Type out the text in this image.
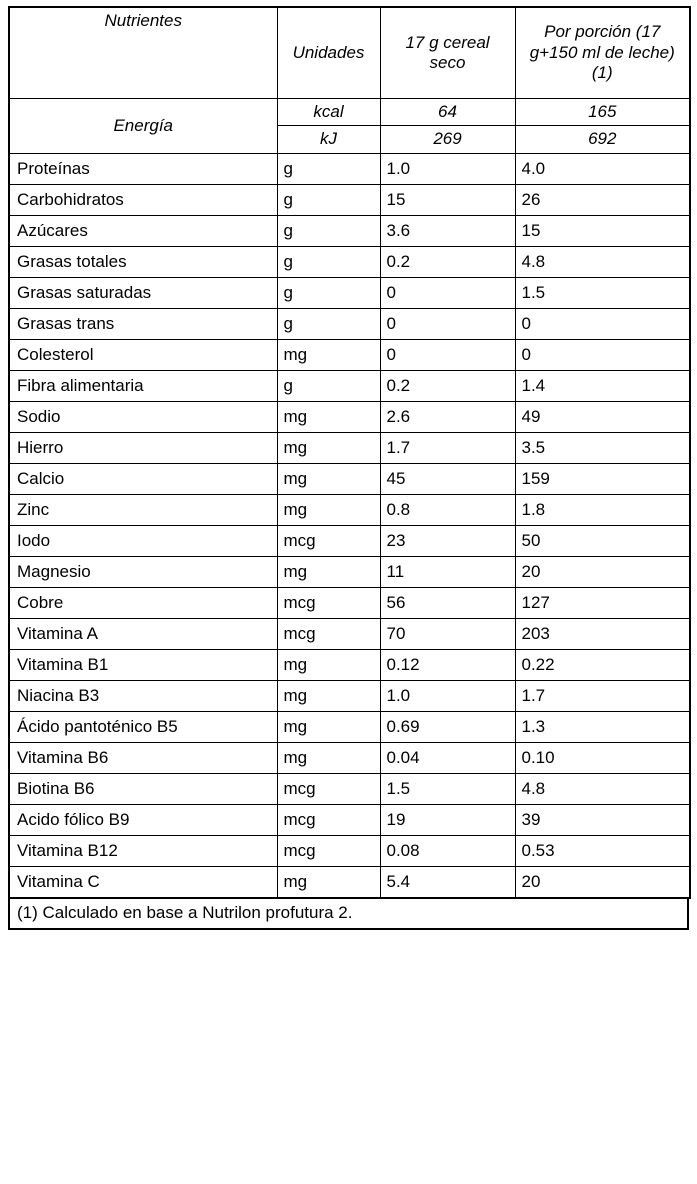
Nutrientes	Unidades	17 g cereal seco	Por porción (17 g+150 ml de leche) (1)
Energía	kcal	64	165
	kJ	269	692
Proteínas	g	1.0	4.0
Carbohidratos	g	15	26
Azúcares	g	3.6	15
Grasas totales	g	0.2	4.8
Grasas saturadas	g	0	1.5
Grasas trans	g	0	0
Colesterol	mg	0	0
Fibra alimentaria	g	0.2	1.4
Sodio	mg	2.6	49
Hierro	mg	1.7	3.5
Calcio	mg	45	159
Zinc	mg	0.8	1.8
Iodo	mcg	23	50
Magnesio	mg	11	20
Cobre	mcg	56	127
Vitamina A	mcg	70	203
Vitamina B1	mg	0.12	0.22
Niacina B3	mg	1.0	1.7
Ácido pantoténico B5	mg	0.69	1.3
Vitamina B6	mg	0.04	0.10
Biotina B6	mcg	1.5	4.8
Acido fólico B9	mcg	19	39
Vitamina B12	mcg	0.08	0.53
Vitamina C	mg	5.4	20
(1) Calculado en base a Nutrilon profutura 2.
